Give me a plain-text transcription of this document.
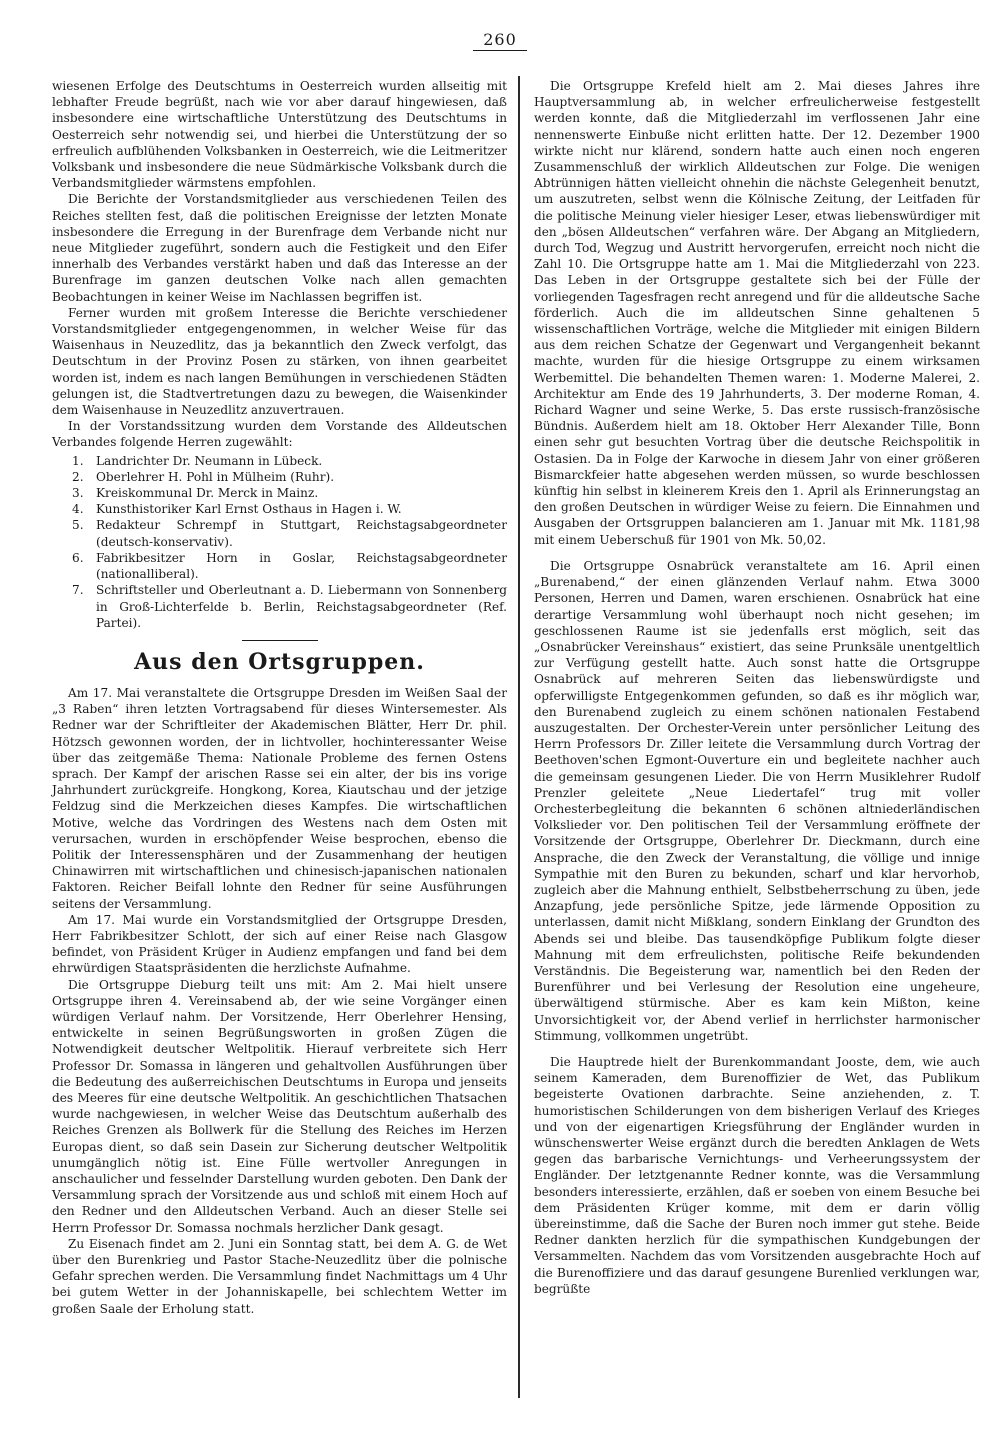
260

wiesenen Erfolge des Deutschtums in Oesterreich wurden allseitig mit lebhafter Freude begrüßt, nach wie vor aber darauf hingewiesen, daß insbesondere eine wirtschaftliche Unterstützung des Deutschtums in Oesterreich sehr notwendig sei, und hierbei die Unterstützung der so erfreulich aufblühenden Volksbanken in Oesterreich, wie die Leitmeritzer Volksbank und insbesondere die neue Südmärkische Volksbank durch die Verbandsmitglieder wärmstens empfohlen.

Die Berichte der Vorstandsmitglieder aus verschiedenen Teilen des Reiches stellten fest, daß die politischen Ereignisse der letzten Monate insbesondere die Erregung in der Burenfrage dem Verbande nicht nur neue Mitglieder zugeführt, sondern auch die Festigkeit und den Eifer innerhalb des Verbandes verstärkt haben und daß das Interesse an der Burenfrage im ganzen deutschen Volke nach allen gemachten Beobachtungen in keiner Weise im Nachlassen begriffen ist.

Ferner wurden mit großem Interesse die Berichte verschiedener Vorstandsmitglieder entgegengenommen, in welcher Weise für das Waisenhaus in Neuzedlitz, das ja bekanntlich den Zweck verfolgt, das Deutschtum in der Provinz Posen zu stärken, von ihnen gearbeitet worden ist, indem es nach langen Bemühungen in verschiedenen Städten gelungen ist, die Stadtvertretungen dazu zu bewegen, die Waisenkinder dem Waisenhause in Neuzedlitz anzuvertrauen.

In der Vorstandssitzung wurden dem Vorstande des Alldeutschen Verbandes folgende Herren zugewählt:

1. Landrichter Dr. Neumann in Lübeck.
2. Oberlehrer H. Pohl in Mülheim (Ruhr).
3. Kreiskommunal Dr. Merck in Mainz.
4. Kunsthistoriker Karl Ernst Osthaus in Hagen i. W.
5. Redakteur Schrempf in Stuttgart, Reichstagsabgeordneter (deutsch-konservativ).
6. Fabrikbesitzer Horn in Goslar, Reichstagsabgeordneter (nationalliberal).
7. Schriftsteller und Oberleutnant a. D. Liebermann von Sonnenberg in Groß-Lichterfelde b. Berlin, Reichstagsabgeordneter (Ref. Partei).
Aus den Ortsgruppen.

Am 17. Mai veranstaltete die Ortsgruppe Dresden im Weißen Saal der „3 Raben“ ihren letzten Vortragsabend für dieses Wintersemester. Als Redner war der Schriftleiter der Akademischen Blätter, Herr Dr. phil. Hötzsch gewonnen worden, der in lichtvoller, hochinteressanter Weise über das zeitgemäße Thema: Nationale Probleme des fernen Ostens sprach. Der Kampf der arischen Rasse sei ein alter, der bis ins vorige Jahrhundert zurückgreife. Hongkong, Korea, Kiautschau und der jetzige Feldzug sind die Merkzeichen dieses Kampfes. Die wirtschaftlichen Motive, welche das Vordringen des Westens nach dem Osten mit verursachen, wurden in erschöpfender Weise besprochen, ebenso die Politik der Interessensphären und der Zusammenhang der heutigen Chinawirren mit wirtschaftlichen und chinesisch-japanischen nationalen Faktoren. Reicher Beifall lohnte den Redner für seine Ausführungen seitens der Versammlung.

Am 17. Mai wurde ein Vorstandsmitglied der Ortsgruppe Dresden, Herr Fabrikbesitzer Schlott, der sich auf einer Reise nach Glasgow befindet, von Präsident Krüger in Audienz empfangen und fand bei dem ehrwürdigen Staatspräsidenten die herzlichste Aufnahme.

Die Ortsgruppe Dieburg teilt uns mit: Am 2. Mai hielt unsere Ortsgruppe ihren 4. Vereinsabend ab, der wie seine Vorgänger einen würdigen Verlauf nahm. Der Vorsitzende, Herr Oberlehrer Hensing, entwickelte in seinen Begrüßungsworten in großen Zügen die Notwendigkeit deutscher Weltpolitik. Hierauf verbreitete sich Herr Professor Dr. Somassa in längeren und gehaltvollen Ausführungen über die Bedeutung des außerreichischen Deutschtums in Europa und jenseits des Meeres für eine deutsche Weltpolitik. An geschichtlichen Thatsachen wurde nachgewiesen, in welcher Weise das Deutschtum außerhalb des Reiches Grenzen als Bollwerk für die Stellung des Reiches im Herzen Europas dient, so daß sein Dasein zur Sicherung deutscher Weltpolitik unumgänglich nötig ist. Eine Fülle wertvoller Anregungen in anschaulicher und fesselnder Darstellung wurden geboten. Den Dank der Versammlung sprach der Vorsitzende aus und schloß mit einem Hoch auf den Redner und den Alldeutschen Verband. Auch an dieser Stelle sei Herrn Professor Dr. Somassa nochmals herzlicher Dank gesagt.

Zu Eisenach findet am 2. Juni ein Sonntag statt, bei dem A. G. de Wet über den Burenkrieg und Pastor Stache-Neuzedlitz über die polnische Gefahr sprechen werden. Die Versammlung findet Nachmittags um 4 Uhr bei gutem Wetter in der Johanniskapelle, bei schlechtem Wetter im großen Saale der Erholung statt.

Die Ortsgruppe Krefeld hielt am 2. Mai dieses Jahres ihre Hauptversammlung ab, in welcher erfreulicherweise festgestellt werden konnte, daß die Mitgliederzahl im verflossenen Jahr eine nennenswerte Einbuße nicht erlitten hatte. Der 12. Dezember 1900 wirkte nicht nur klärend, sondern hatte auch einen noch engeren Zusammenschluß der wirklich Alldeutschen zur Folge. Die wenigen Abtrünnigen hätten vielleicht ohnehin die nächste Gelegenheit benutzt, um auszutreten, selbst wenn die Kölnische Zeitung, der Leitfaden für die politische Meinung vieler hiesiger Leser, etwas liebenswürdiger mit den „bösen Alldeutschen“ verfahren wäre. Der Abgang an Mitgliedern, durch Tod, Wegzug und Austritt hervorgerufen, erreicht noch nicht die Zahl 10. Die Ortsgruppe hatte am 1. Mai die Mitgliederzahl von 223. Das Leben in der Ortsgruppe gestaltete sich bei der Fülle der vorliegenden Tagesfragen recht anregend und für die alldeutsche Sache förderlich. Auch die im alldeutschen Sinne gehaltenen 5 wissenschaftlichen Vorträge, welche die Mitglieder mit einigen Bildern aus dem reichen Schatze der Gegenwart und Vergangenheit bekannt machte, wurden für die hiesige Ortsgruppe zu einem wirksamen Werbemittel. Die behandelten Themen waren: 1. Moderne Malerei, 2. Architektur am Ende des 19 Jahrhunderts, 3. Der moderne Roman, 4. Richard Wagner und seine Werke, 5. Das erste russisch-französische Bündnis. Außerdem hielt am 18. Oktober Herr Alexander Tille, Bonn einen sehr gut besuchten Vortrag über die deutsche Reichspolitik in Ostasien. Da in Folge der Karwoche in diesem Jahr von einer größeren Bismarckfeier hatte abgesehen werden müssen, so wurde beschlossen künftig hin selbst in kleinerem Kreis den 1. April als Erinnerungstag an den großen Deutschen in würdiger Weise zu feiern. Die Einnahmen und Ausgaben der Ortsgruppen balancieren am 1. Januar mit Mk. 1181,98 mit einem Ueberschuß für 1901 von Mk. 50,02.

Die Ortsgruppe Osnabrück veranstaltete am 16. April einen „Burenabend,“ der einen glänzenden Verlauf nahm. Etwa 3000 Personen, Herren und Damen, waren erschienen. Osnabrück hat eine derartige Versammlung wohl überhaupt noch nicht gesehen; im geschlossenen Raume ist sie jedenfalls erst möglich, seit das „Osnabrücker Vereinshaus“ existiert, das seine Prunksäle unentgeltlich zur Verfügung gestellt hatte. Auch sonst hatte die Ortsgruppe Osnabrück auf mehreren Seiten das liebenswürdigste und opferwilligste Entgegenkommen gefunden, so daß es ihr möglich war, den Burenabend zugleich zu einem schönen nationalen Festabend auszugestalten. Der Orchester-Verein unter persönlicher Leitung des Herrn Professors Dr. Ziller leitete die Versammlung durch Vortrag der Beethoven'schen Egmont-Ouverture ein und begleitete nachher auch die gemeinsam gesungenen Lieder. Die von Herrn Musiklehrer Rudolf Prenzler geleitete „Neue Liedertafel“ trug mit voller Orchesterbegleitung die bekannten 6 schönen altniederländischen Volkslieder vor. Den politischen Teil der Versammlung eröffnete der Vorsitzende der Ortsgruppe, Oberlehrer Dr. Dieckmann, durch eine Ansprache, die den Zweck der Veranstaltung, die völlige und innige Sympathie mit den Buren zu bekunden, scharf und klar hervorhob, zugleich aber die Mahnung enthielt, Selbstbeherrschung zu üben, jede Anzapfung, jede persönliche Spitze, jede lärmende Opposition zu unterlassen, damit nicht Mißklang, sondern Einklang der Grundton des Abends sei und bleibe. Das tausendköpfige Publikum folgte dieser Mahnung mit dem erfreulichsten, politische Reife bekundenden Verständnis. Die Begeisterung war, namentlich bei den Reden der Burenführer und bei Verlesung der Resolution eine ungeheure, überwältigend stürmische. Aber es kam kein Mißton, keine Unvorsichtigkeit vor, der Abend verlief in herrlichster harmonischer Stimmung, vollkommen ungetrübt.

Die Hauptrede hielt der Burenkommandant Jooste, dem, wie auch seinem Kameraden, dem Burenoffizier de Wet, das Publikum begeisterte Ovationen darbrachte. Seine anziehenden, z. T. humoristischen Schilderungen von dem bisherigen Verlauf des Krieges und von der eigenartigen Kriegsführung der Engländer wurden in wünschenswerter Weise ergänzt durch die beredten Anklagen de Wets gegen das barbarische Vernichtungs- und Verheerungssystem der Engländer. Der letztgenannte Redner konnte, was die Versammlung besonders interessierte, erzählen, daß er soeben von einem Besuche bei dem Präsidenten Krüger komme, mit dem er darin völlig übereinstimme, daß die Sache der Buren noch immer gut stehe. Beide Redner dankten herzlich für die sympathischen Kundgebungen der Versammelten. Nachdem das vom Vorsitzenden ausgebrachte Hoch auf die Burenoffiziere und das darauf gesungene Burenlied verklungen war, begrüßte
